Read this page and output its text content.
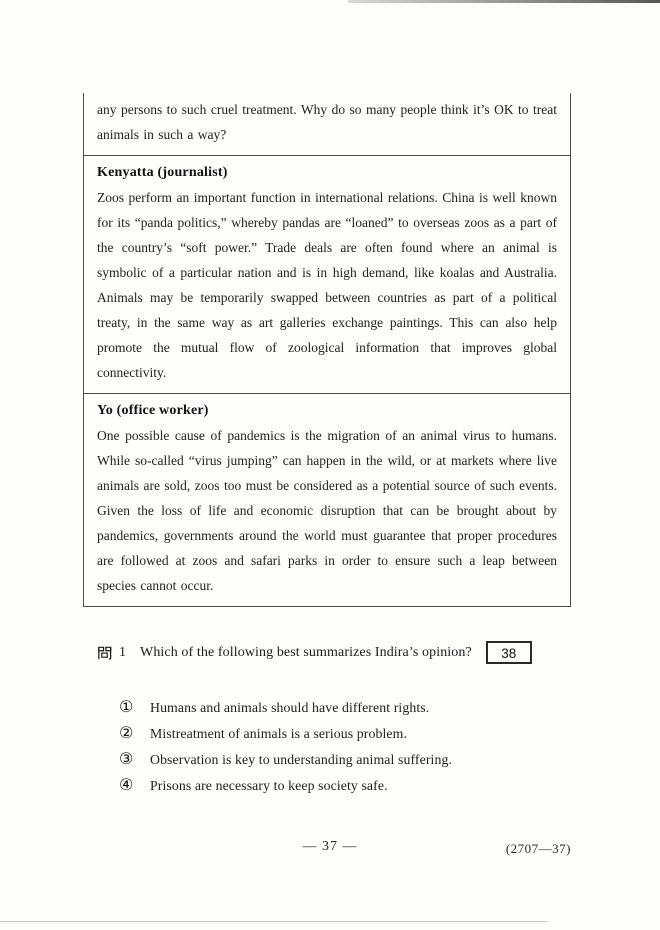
any persons to such cruel treatment. Why do so many people think it’s OK to treat animals in such a way?

Kenyatta (journalist)

Zoos perform an important function in international relations. China is well known for its “panda politics,” whereby pandas are “loaned” to overseas zoos as a part of the country’s “soft power.” Trade deals are often found where an animal is symbolic of a particular nation and is in high demand, like koalas and Australia. Animals may be temporarily swapped between countries as part of a political treaty, in the same way as art galleries exchange paintings. This can also help promote the mutual flow of zoological information that improves global connectivity.

Yo (office worker)

One possible cause of pandemics is the migration of an animal virus to humans. While so-called “virus jumping” can happen in the wild, or at markets where live animals are sold, zoos too must be considered as a potential source of such events. Given the loss of life and economic disruption that can be brought about by pandemics, governments around the world must guarantee that proper procedures are followed at zoos and safari parks in order to ensure such a leap between species cannot occur.

1 Which of the following best summarizes Indira’s opinion?	38
① Humans and animals should have different rights.
② Mistreatment of animals is a serious problem.
③ Observation is key to understanding animal suffering.
④ Prisons are necessary to keep society safe.
— 37 —	(2707—37)
